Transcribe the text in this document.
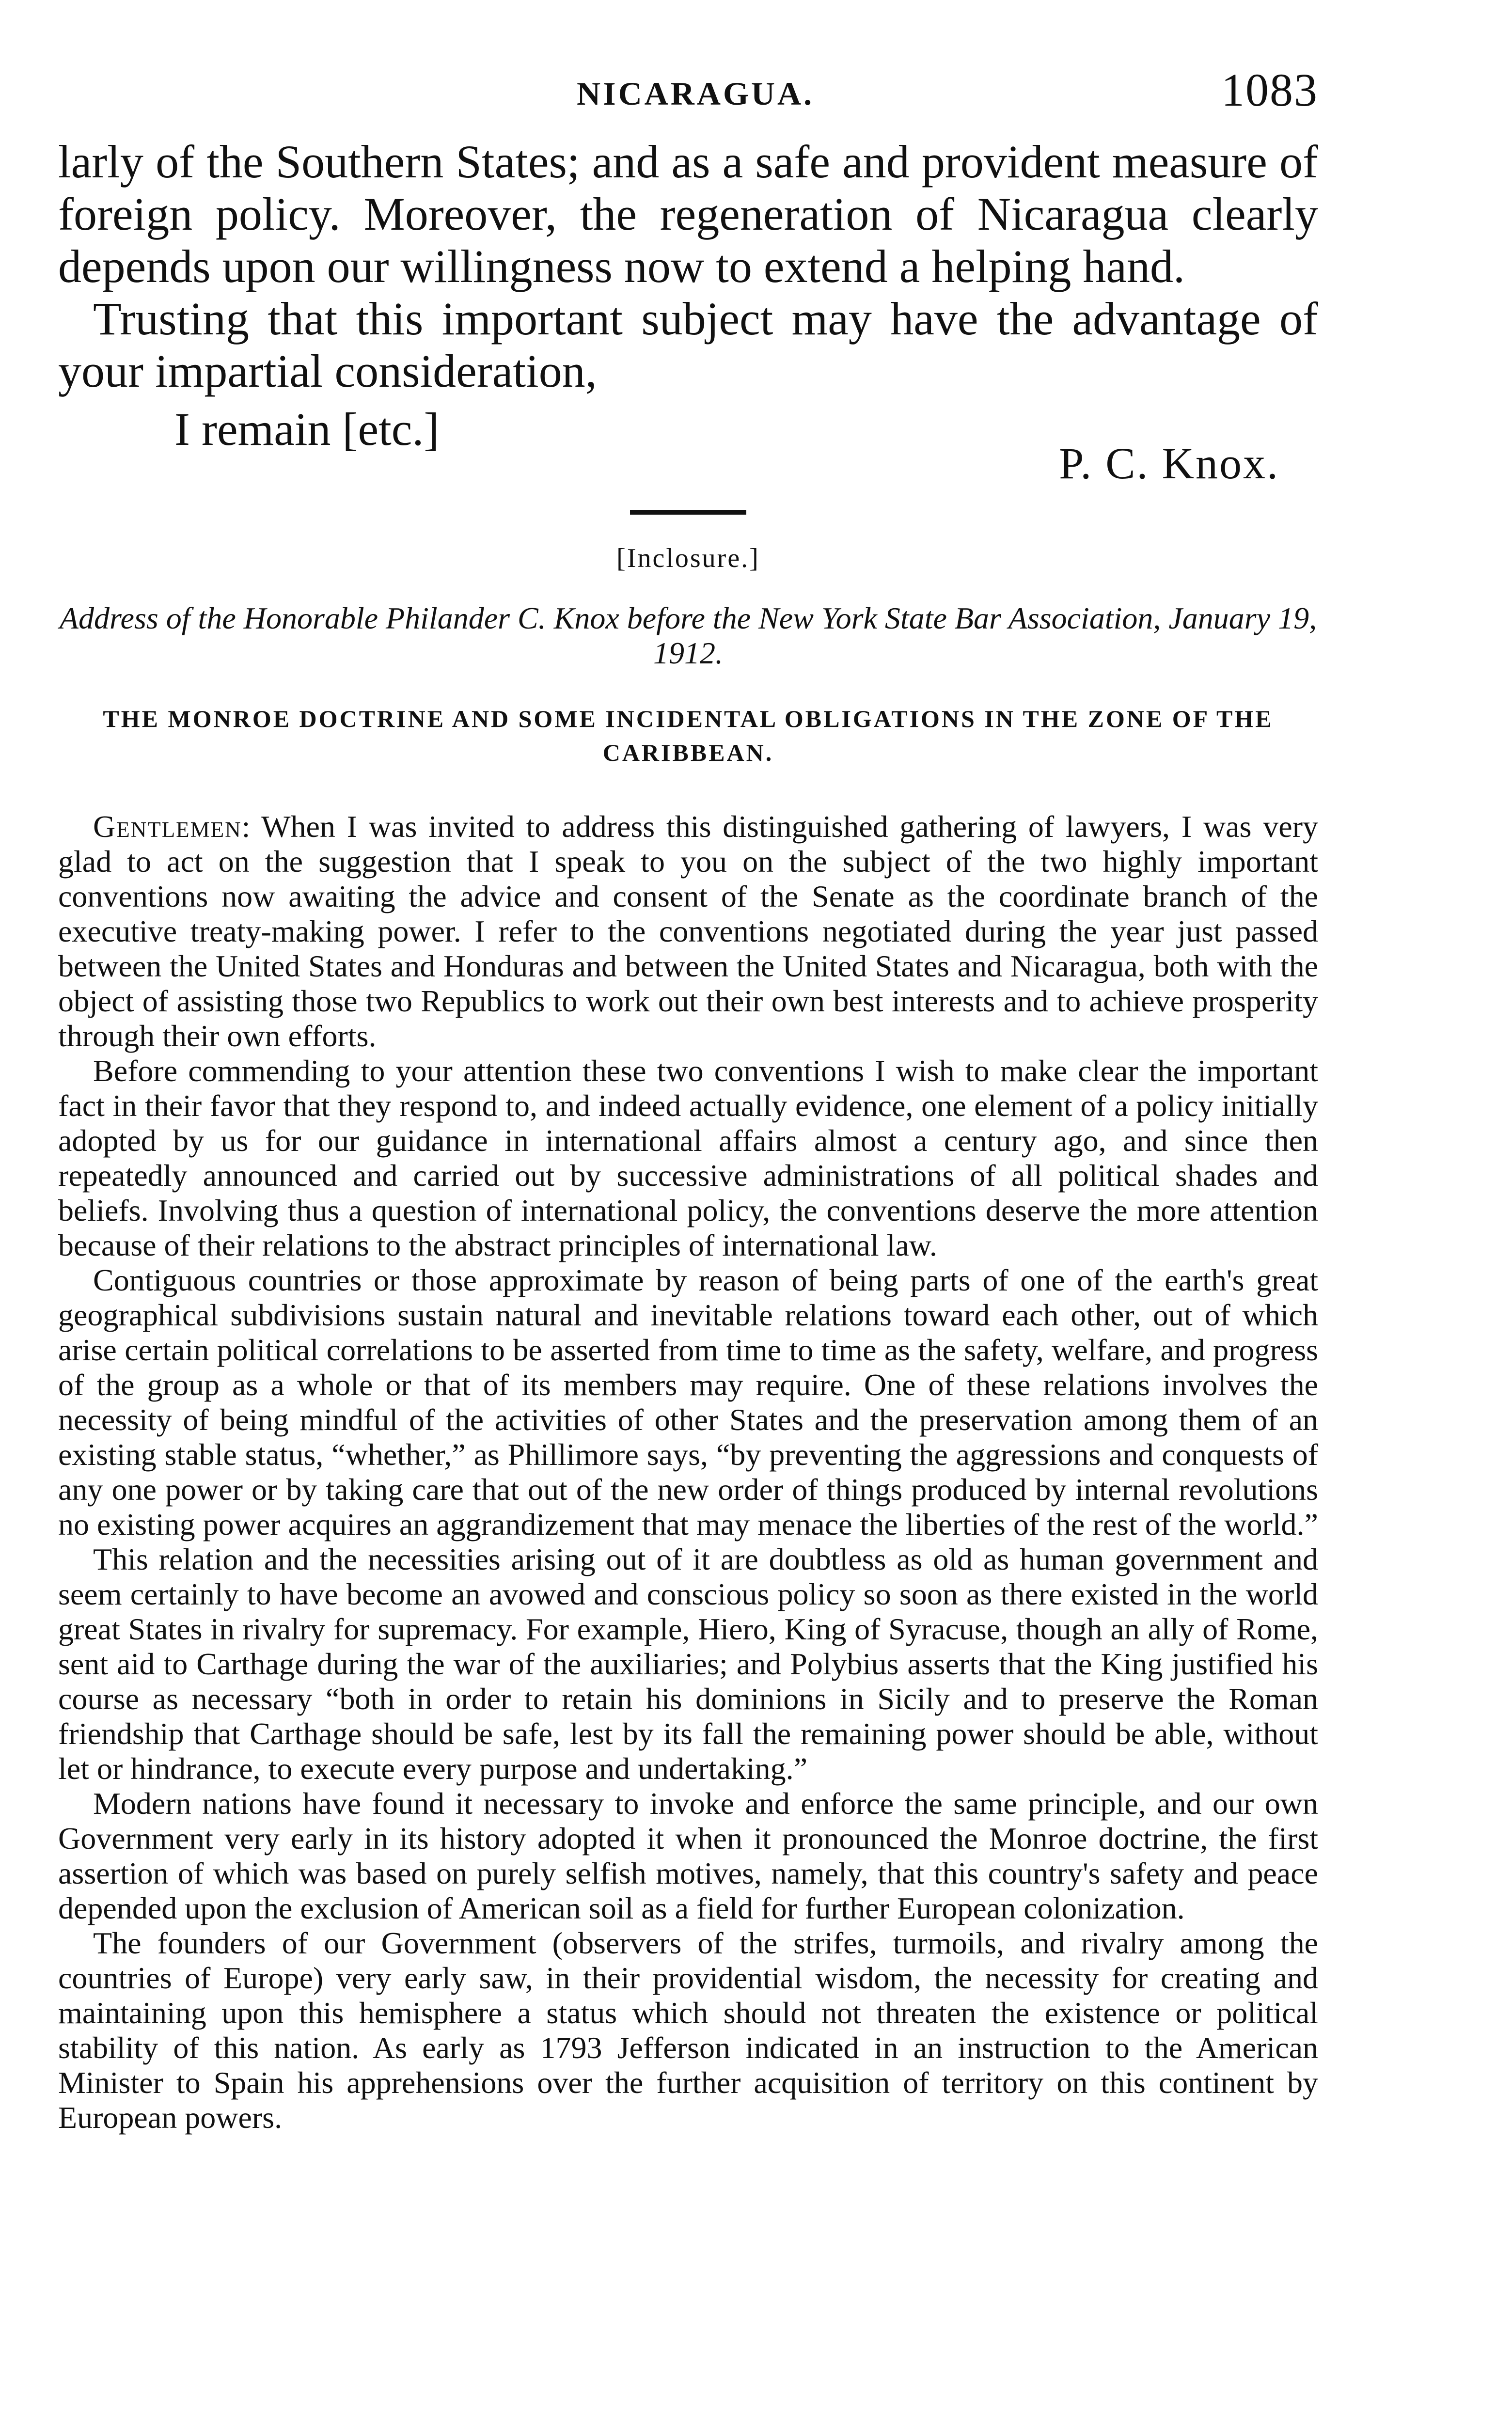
NICARAGUA.	1083

larly of the Southern States; and as a safe and provident measure of foreign policy. Moreover, the regeneration of Nicaragua clearly depends upon our willingness now to extend a helping hand.

Trusting that this important subject may have the advantage of your impartial consideration,

I remain [etc.]
P. C. Knox.
[Inclosure.]
Address of the Honorable Philander C. Knox before the New York State Bar Association, January 19, 1912.
THE MONROE DOCTRINE AND SOME INCIDENTAL OBLIGATIONS IN THE ZONE OF THE CARIBBEAN.

Gentlemen: When I was invited to address this distinguished gathering of lawyers, I was very glad to act on the suggestion that I speak to you on the subject of the two highly important conventions now awaiting the advice and consent of the Senate as the coordinate branch of the executive treaty-making power. I refer to the conventions negotiated during the year just passed between the United States and Honduras and between the United States and Nicaragua, both with the object of assisting those two Republics to work out their own best interests and to achieve prosperity through their own efforts.

Before commending to your attention these two conventions I wish to make clear the important fact in their favor that they respond to, and indeed actually evidence, one element of a policy initially adopted by us for our guidance in international affairs almost a century ago, and since then repeatedly announced and carried out by successive administrations of all political shades and beliefs. Involving thus a question of international policy, the conventions deserve the more attention because of their relations to the abstract principles of international law.

Contiguous countries or those approximate by reason of being parts of one of the earth's great geographical subdivisions sustain natural and inevitable relations toward each other, out of which arise certain political correlations to be asserted from time to time as the safety, welfare, and progress of the group as a whole or that of its members may require. One of these relations involves the necessity of being mindful of the activities of other States and the preservation among them of an existing stable status, “whether,” as Phillimore says, “by preventing the aggressions and conquests of any one power or by taking care that out of the new order of things produced by internal revolutions no existing power acquires an aggrandizement that may menace the liberties of the rest of the world.”

This relation and the necessities arising out of it are doubtless as old as human government and seem certainly to have become an avowed and conscious policy so soon as there existed in the world great States in rivalry for supremacy. For example, Hiero, King of Syracuse, though an ally of Rome, sent aid to Carthage during the war of the auxiliaries; and Polybius asserts that the King justified his course as necessary “both in order to retain his dominions in Sicily and to preserve the Roman friendship that Carthage should be safe, lest by its fall the remaining power should be able, without let or hindrance, to execute every purpose and undertaking.”

Modern nations have found it necessary to invoke and enforce the same principle, and our own Government very early in its history adopted it when it pronounced the Monroe doctrine, the first assertion of which was based on purely selfish motives, namely, that this country's safety and peace depended upon the exclusion of American soil as a field for further European colonization.

The founders of our Government (observers of the strifes, turmoils, and rivalry among the countries of Europe) very early saw, in their providential wisdom, the necessity for creating and maintaining upon this hemisphere a status which should not threaten the existence or political stability of this nation. As early as 1793 Jefferson indicated in an instruction to the American Minister to Spain his apprehensions over the further acquisition of territory on this continent by European powers.
